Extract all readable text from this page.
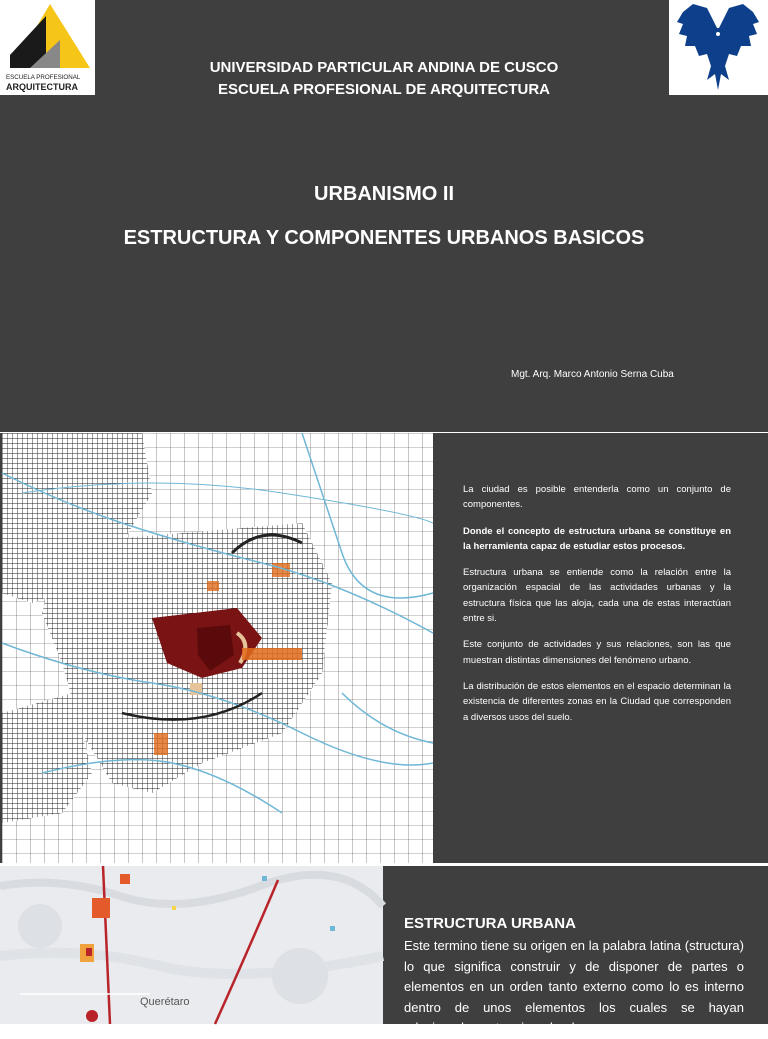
ESCUELA PROFESIONAL
ARQUITECTURA
UNIVERSIDAD PARTICULAR ANDINA DE CUSCO
ESCUELA PROFESIONAL DE ARQUITECTURA
URBANISMO II
ESTRUCTURA Y COMPONENTES URBANOS BASICOS
Mgt. Arq. Marco Antonio Serna Cuba

La ciudad es posible entenderla como un conjunto de componentes.

Donde el concepto de estructura urbana se constituye en la herramienta capaz de estudiar estos procesos.

Estructura urbana se entiende como la relación entre la organización espacial de las actividades urbanas y la estructura física que las aloja, cada una de estas interactúan entre si.

Este conjunto de actividades y sus relaciones, son las que muestran distintas dimensiones del fenómeno urbano.

La distribución de estos elementos en el espacio determinan la existencia de diferentes zonas en la Ciudad que corresponden a diversos usos del suelo.

Querétaro
ESTRUCTURA URBANA
Este termino tiene su origen en la palabra latina (structura) lo que significa construir y de disponer de partes o elementos en un orden tanto externo como lo es interno dentro de unos elementos los cuales se hayan relacionados entre si en donde
